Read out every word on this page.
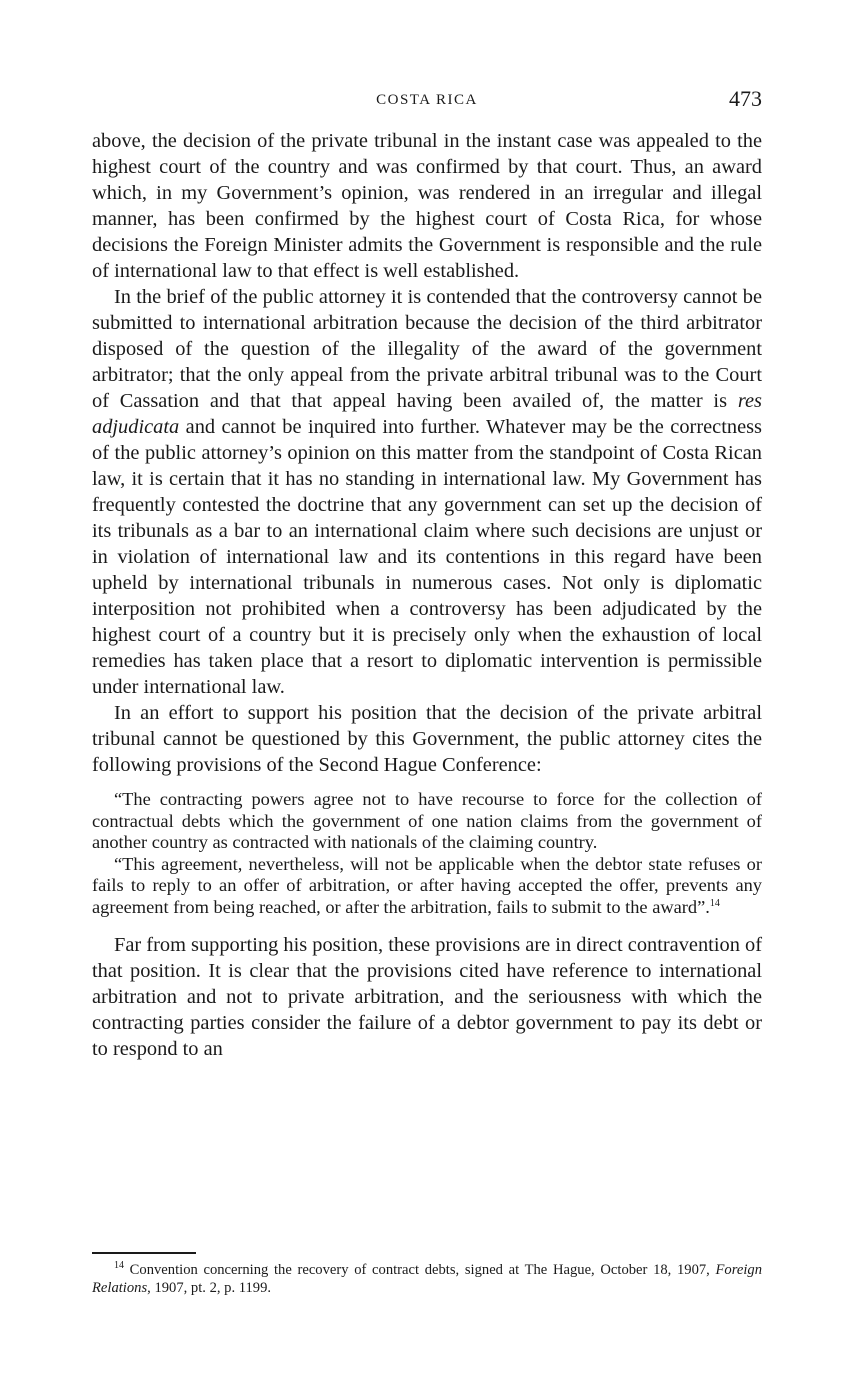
COSTA RICA	473

above, the decision of the private tribunal in the instant case was appealed to the highest court of the country and was confirmed by that court. Thus, an award which, in my Government’s opinion, was rendered in an irregular and illegal manner, has been confirmed by the highest court of Costa Rica, for whose decisions the Foreign Minister admits the Government is responsible and the rule of international law to that effect is well established.

In the brief of the public attorney it is contended that the controversy cannot be submitted to international arbitration because the decision of the third arbitrator disposed of the question of the illegality of the award of the government arbitrator; that the only appeal from the private arbitral tribunal was to the Court of Cassation and that that appeal having been availed of, the matter is res adjudicata and cannot be inquired into further. Whatever may be the correctness of the public attorney’s opinion on this matter from the standpoint of Costa Rican law, it is certain that it has no standing in international law. My Government has frequently contested the doctrine that any government can set up the decision of its tribunals as a bar to an international claim where such decisions are unjust or in violation of international law and its contentions in this regard have been upheld by international tribunals in numerous cases. Not only is diplomatic interposition not prohibited when a controversy has been adjudicated by the highest court of a country but it is precisely only when the exhaustion of local remedies has taken place that a resort to diplomatic intervention is permissible under international law.

In an effort to support his position that the decision of the private arbitral tribunal cannot be questioned by this Government, the public attorney cites the following provisions of the Second Hague Conference:

“The contracting powers agree not to have recourse to force for the collection of contractual debts which the government of one nation claims from the government of another country as contracted with nationals of the claiming country.

“This agreement, nevertheless, will not be applicable when the debtor state refuses or fails to reply to an offer of arbitration, or after having accepted the offer, prevents any agreement from being reached, or after the arbitration, fails to submit to the award”.$^{14}$

Far from supporting his position, these provisions are in direct contravention of that position. It is clear that the provisions cited have reference to international arbitration and not to private arbitration, and the seriousness with which the contracting parties consider the failure of a debtor government to pay its debt or to respond to an

$^{14}$ Convention concerning the recovery of contract debts, signed at The Hague, October 18, 1907, Foreign Relations, 1907, pt. 2, p. 1199.
